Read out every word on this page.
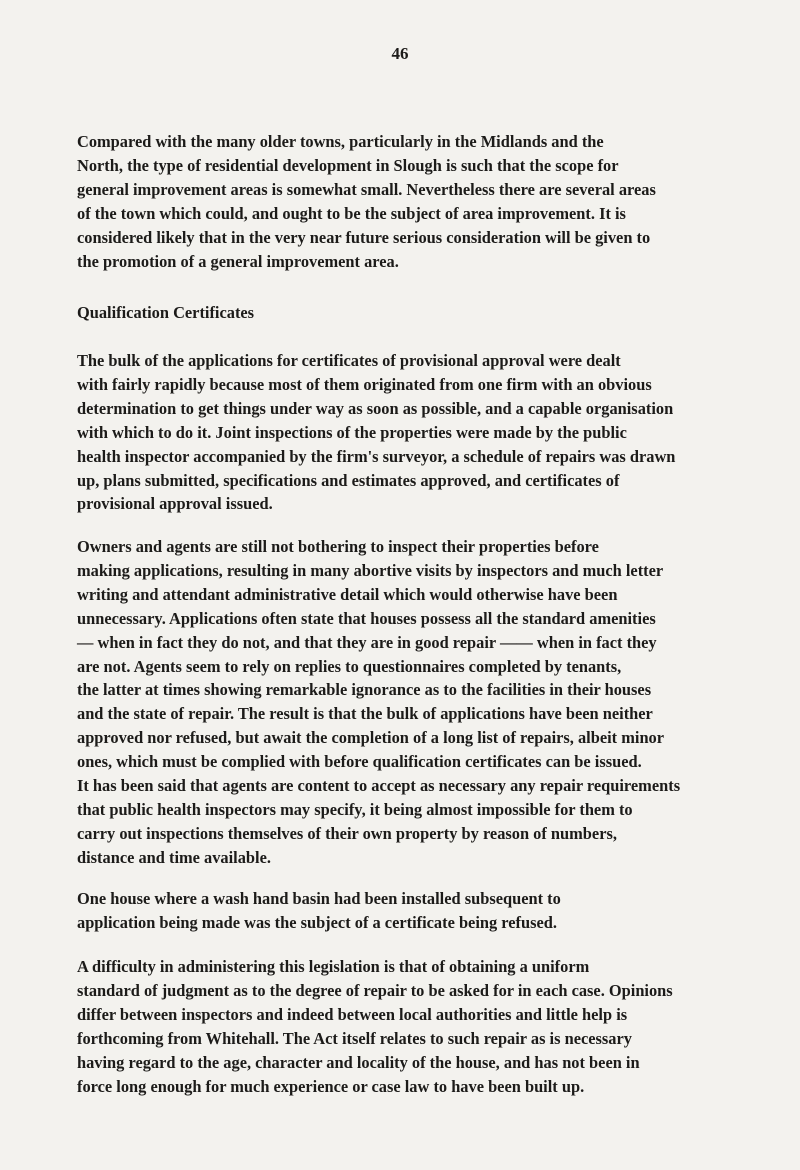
46
Compared with the many older towns, particularly in the Midlands and the
North, the type of residential development in Slough is such that the scope for
general improvement areas is somewhat small. Nevertheless there are several areas
of the town which could, and ought to be the subject of area improvement. It is
considered likely that in the very near future serious consideration will be given to
the promotion of a general improvement area.
Qualification Certificates
The bulk of the applications for certificates of provisional approval were dealt
with fairly rapidly because most of them originated from one firm with an obvious
determination to get things under way as soon as possible, and a capable organisation
with which to do it. Joint inspections of the properties were made by the public
health inspector accompanied by the firm's surveyor, a schedule of repairs was drawn
up, plans submitted, specifications and estimates approved, and certificates of
provisional approval issued.
Owners and agents are still not bothering to inspect their properties before
making applications, resulting in many abortive visits by inspectors and much letter
writing and attendant administrative detail which would otherwise have been
unnecessary. Applications often state that houses possess all the standard amenities
— when in fact they do not, and that they are in good repair —— when in fact they
are not. Agents seem to rely on replies to questionnaires completed by tenants,
the latter at times showing remarkable ignorance as to the facilities in their houses
and the state of repair. The result is that the bulk of applications have been neither
approved nor refused, but await the completion of a long list of repairs, albeit minor
ones, which must be complied with before qualification certificates can be issued.
It has been said that agents are content to accept as necessary any repair requirements
that public health inspectors may specify, it being almost impossible for them to
carry out inspections themselves of their own property by reason of numbers,
distance and time available.
One house where a wash hand basin had been installed subsequent to
application being made was the subject of a certificate being refused.
A difficulty in administering this legislation is that of obtaining a uniform
standard of judgment as to the degree of repair to be asked for in each case. Opinions
differ between inspectors and indeed between local authorities and little help is
forthcoming from Whitehall. The Act itself relates to such repair as is necessary
having regard to the age, character and locality of the house, and has not been in
force long enough for much experience or case law to have been built up.
